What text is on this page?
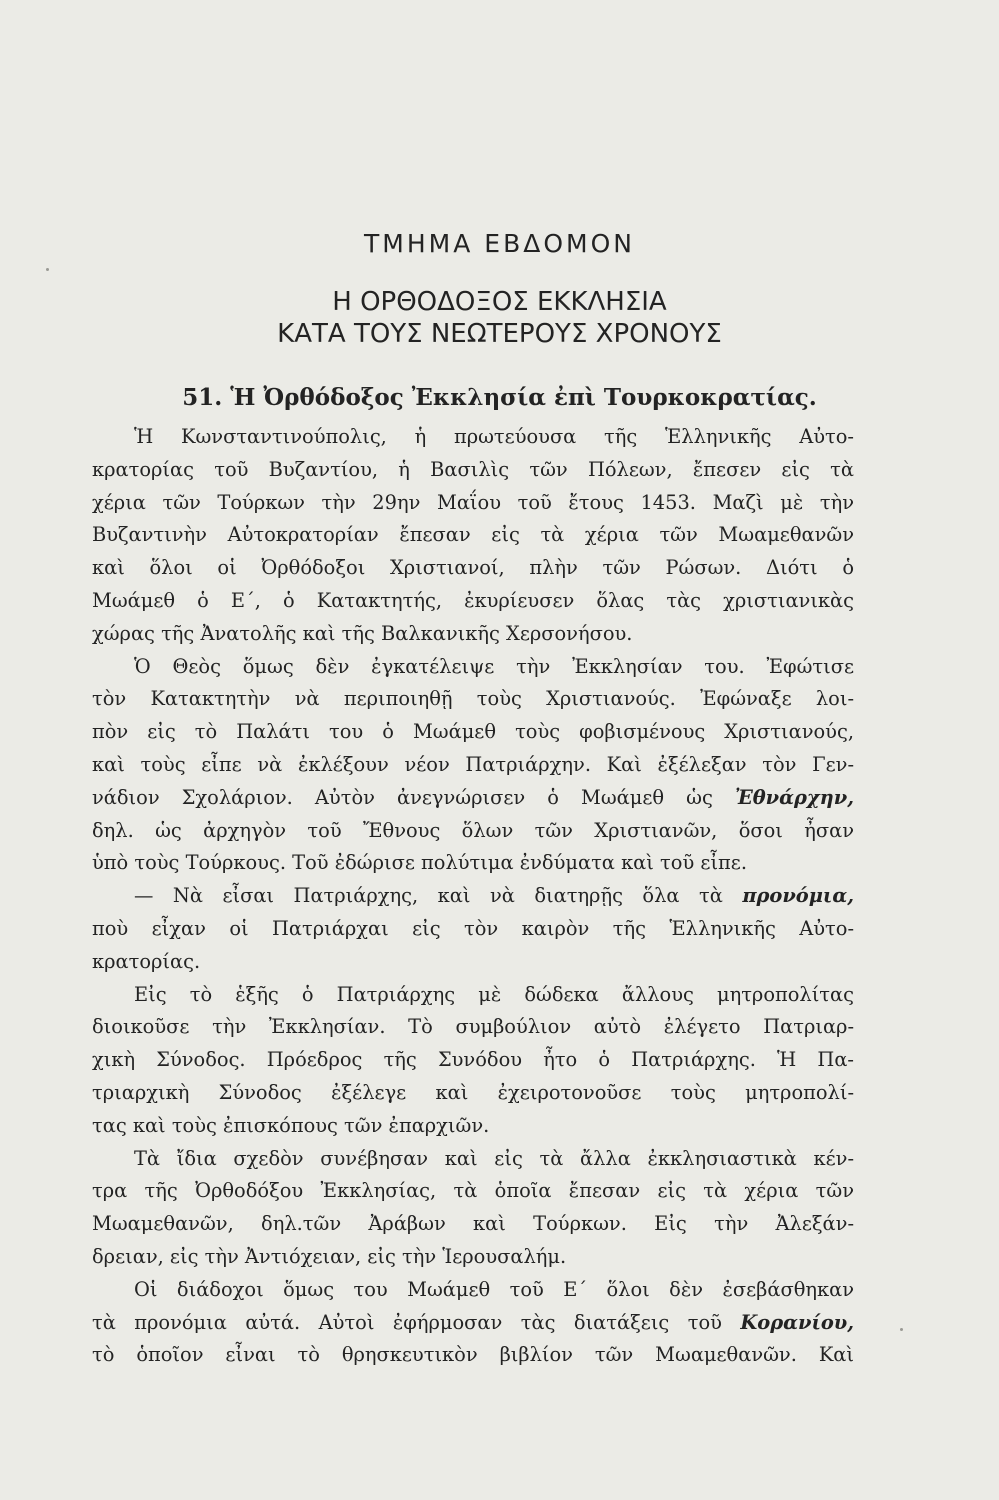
ΤΜΗΜΑ ΕΒΔΟΜΟΝ
Η ΟΡΘΟΔΟΞΟΣ ΕΚΚΛΗΣΙΑ
ΚΑΤΑ ΤΟΥΣ ΝΕΩΤΕΡΟΥΣ ΧΡΟΝΟΥΣ
51. Ἡ Ὀρθόδοξος Ἐκκλησία ἐπὶ Τουρκοκρατίας.
Ἡ Κωνσταντινούπολις, ἡ πρωτεύουσα τῆς Ἑλληνικῆς Αὐτο-
κρατορίας τοῦ Βυζαντίου, ἡ Βασιλὶς τῶν Πόλεων, ἔπεσεν εἰς τὰ
χέρια τῶν Τούρκων τὴν 29ην Μαΐου τοῦ ἔτους 1453. Μαζὶ μὲ τὴν
Βυζαντινὴν Αὐτοκρατορίαν ἔπεσαν εἰς τὰ χέρια τῶν Μωαμεθανῶν
καὶ ὅλοι οἱ Ὀρθόδοξοι Χριστιανοί, πλὴν τῶν Ρώσων. Διότι ὁ
Μωάμεθ ὁ Ε΄, ὁ Κατακτητής, ἐκυρίευσεν ὅλας τὰς χριστιανικὰς
χώρας τῆς Ἀνατολῆς καὶ τῆς Βαλκανικῆς Χερσονήσου.
Ὁ Θεὸς ὅμως δὲν ἐγκατέλειψε τὴν Ἐκκλησίαν του. Ἐφώτισε
τὸν Κατακτητὴν νὰ περιποιηθῇ τοὺς Χριστιανούς. Ἐφώναξε λοι-
πὸν εἰς τὸ Παλάτι του ὁ Μωάμεθ τοὺς φοβισμένους Χριστιανούς,
καὶ τοὺς εἶπε νὰ ἐκλέξουν νέον Πατριάρχην. Καὶ ἐξέλεξαν τὸν Γεν-
νάδιον Σχολάριον. Αὐτὸν ἀνεγνώρισεν ὁ Μωάμεθ ὡς Ἐθνάρχην,
δηλ. ὡς ἀρχηγὸν τοῦ Ἔθνους ὅλων τῶν Χριστιανῶν, ὅσοι ἦσαν
ὑπὸ τοὺς Τούρκους. Τοῦ ἐδώρισε πολύτιμα ἐνδύματα καὶ τοῦ εἶπε.
— Νὰ εἶσαι Πατριάρχης, καὶ νὰ διατηρῇς ὅλα τὰ προνόμια,
ποὺ εἶχαν οἱ Πατριάρχαι εἰς τὸν καιρὸν τῆς Ἑλληνικῆς Αὐτο-
κρατορίας.
Εἰς τὸ ἑξῆς ὁ Πατριάρχης μὲ δώδεκα ἄλλους μητροπολίτας
διοικοῦσε τὴν Ἐκκλησίαν. Τὸ συμβούλιον αὐτὸ ἐλέγετο Πατριαρ-
χικὴ Σύνοδος. Πρόεδρος τῆς Συνόδου ἦτο ὁ Πατριάρχης. Ἡ Πα-
τριαρχικὴ Σύνοδος ἐξέλεγε καὶ ἐχειροτονοῦσε τοὺς μητροπολί-
τας καὶ τοὺς ἐπισκόπους τῶν ἐπαρχιῶν.
Τὰ ἴδια σχεδὸν συνέβησαν καὶ εἰς τὰ ἄλλα ἐκκλησιαστικὰ κέν-
τρα τῆς Ὀρθοδόξου Ἐκκλησίας, τὰ ὁποῖα ἔπεσαν εἰς τὰ χέρια τῶν
Μωαμεθανῶν, δηλ.τῶν Ἀράβων καὶ Τούρκων. Εἰς τὴν Ἀλεξάν-
δρειαν, εἰς τὴν Ἀντιόχειαν, εἰς τὴν Ἱερουσαλήμ.
Οἱ διάδοχοι ὅμως του Μωάμεθ τοῦ Ε΄ ὅλοι δὲν ἐσεβάσθηκαν
τὰ προνόμια αὐτά. Αὐτοὶ ἐφήρμοσαν τὰς διατάξεις τοῦ Κορανίου,
τὸ ὁποῖον εἶναι τὸ θρησκευτικὸν βιβλίον τῶν Μωαμεθανῶν. Καὶ
